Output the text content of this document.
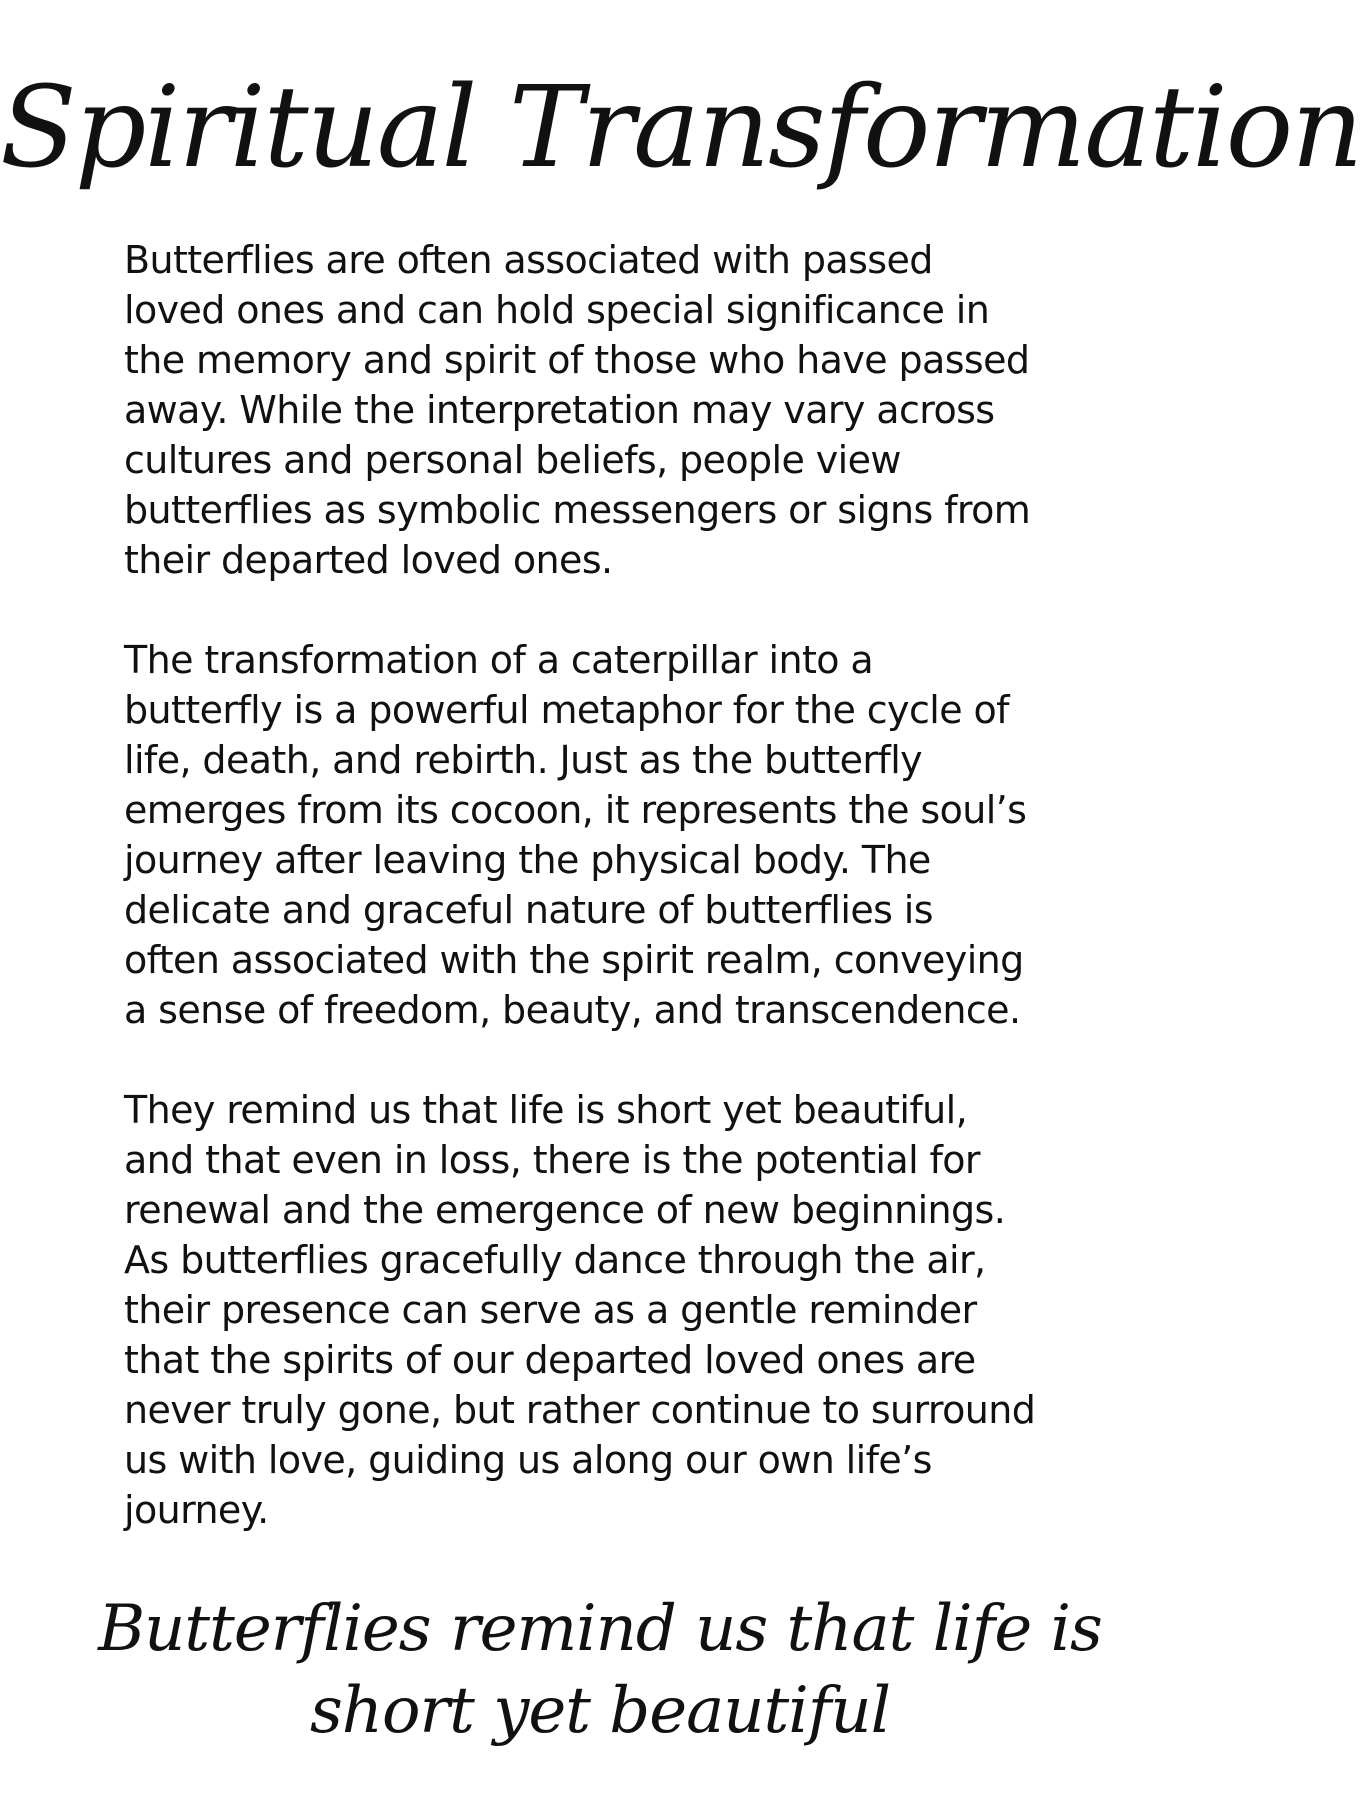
Spiritual Transformation

Butterflies are often associated with passed
loved ones and can hold special significance in
the memory and spirit of those who have passed
away. While the interpretation may vary across
cultures and personal beliefs, people view
butterflies as symbolic messengers or signs from
their departed loved ones.

The transformation of a caterpillar into a
butterfly is a powerful metaphor for the cycle of
life, death, and rebirth. Just as the butterfly
emerges from its cocoon, it represents the soul’s
journey after leaving the physical body. The
delicate and graceful nature of butterflies is
often associated with the spirit realm, conveying
a sense of freedom, beauty, and transcendence.

They remind us that life is short yet beautiful,
and that even in loss, there is the potential for
renewal and the emergence of new beginnings.
As butterflies gracefully dance through the air,
their presence can serve as a gentle reminder
that the spirits of our departed loved ones are
never truly gone, but rather continue to surround
us with love, guiding us along our own life’s
journey.

Butterflies remind us that life is
short yet beautiful
